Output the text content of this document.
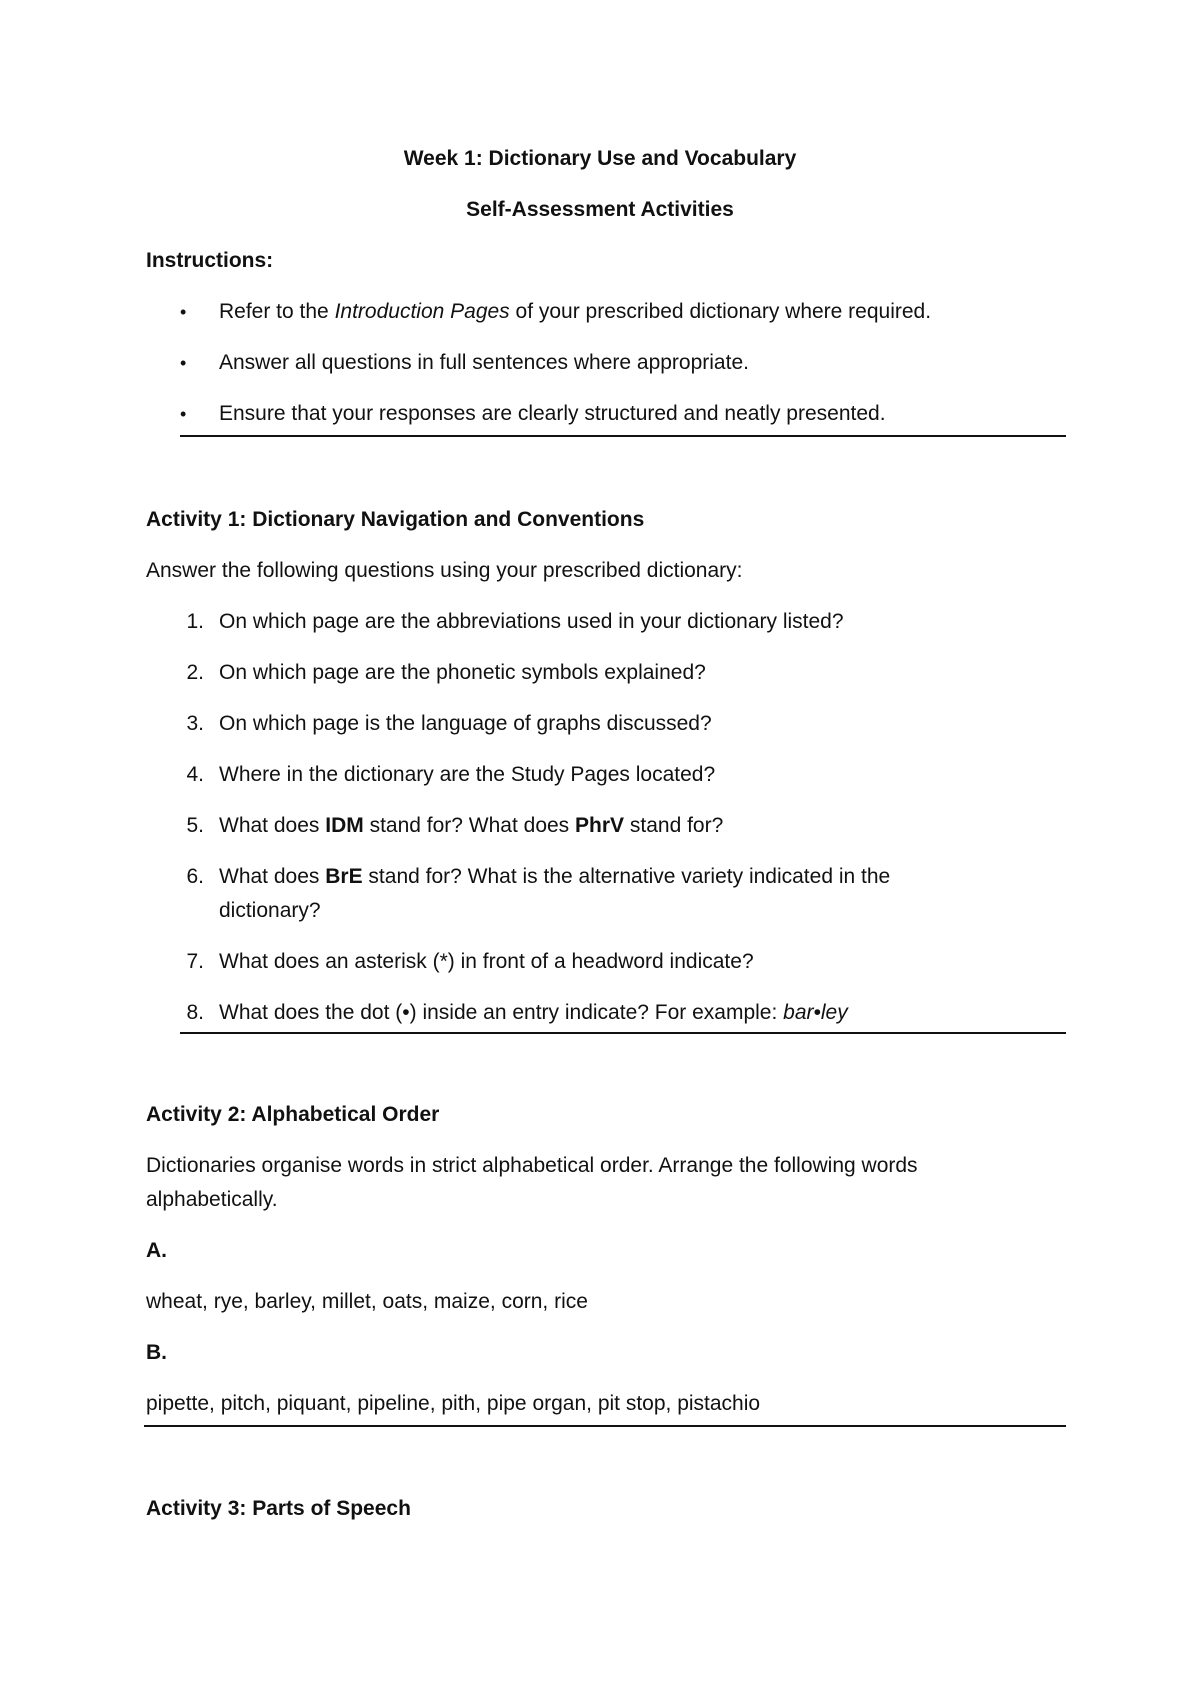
Week 1: Dictionary Use and Vocabulary
Self-Assessment Activities
Instructions:
• Refer to the Introduction Pages of your prescribed dictionary where required.
• Answer all questions in full sentences where appropriate.
• Ensure that your responses are clearly structured and neatly presented.
Activity 1: Dictionary Navigation and Conventions
Answer the following questions using your prescribed dictionary:
1. On which page are the abbreviations used in your dictionary listed?
2. On which page are the phonetic symbols explained?
3. On which page is the language of graphs discussed?
4. Where in the dictionary are the Study Pages located?
5. What does IDM stand for? What does PhrV stand for?
6. What does BrE stand for? What is the alternative variety indicated in the
dictionary?
7. What does an asterisk (*) in front of a headword indicate?
8. What does the dot (•) inside an entry indicate? For example: bar•ley
Activity 2: Alphabetical Order
Dictionaries organise words in strict alphabetical order. Arrange the following words
alphabetically.
A.
wheat, rye, barley, millet, oats, maize, corn, rice
B.
pipette, pitch, piquant, pipeline, pith, pipe organ, pit stop, pistachio
Activity 3: Parts of Speech
